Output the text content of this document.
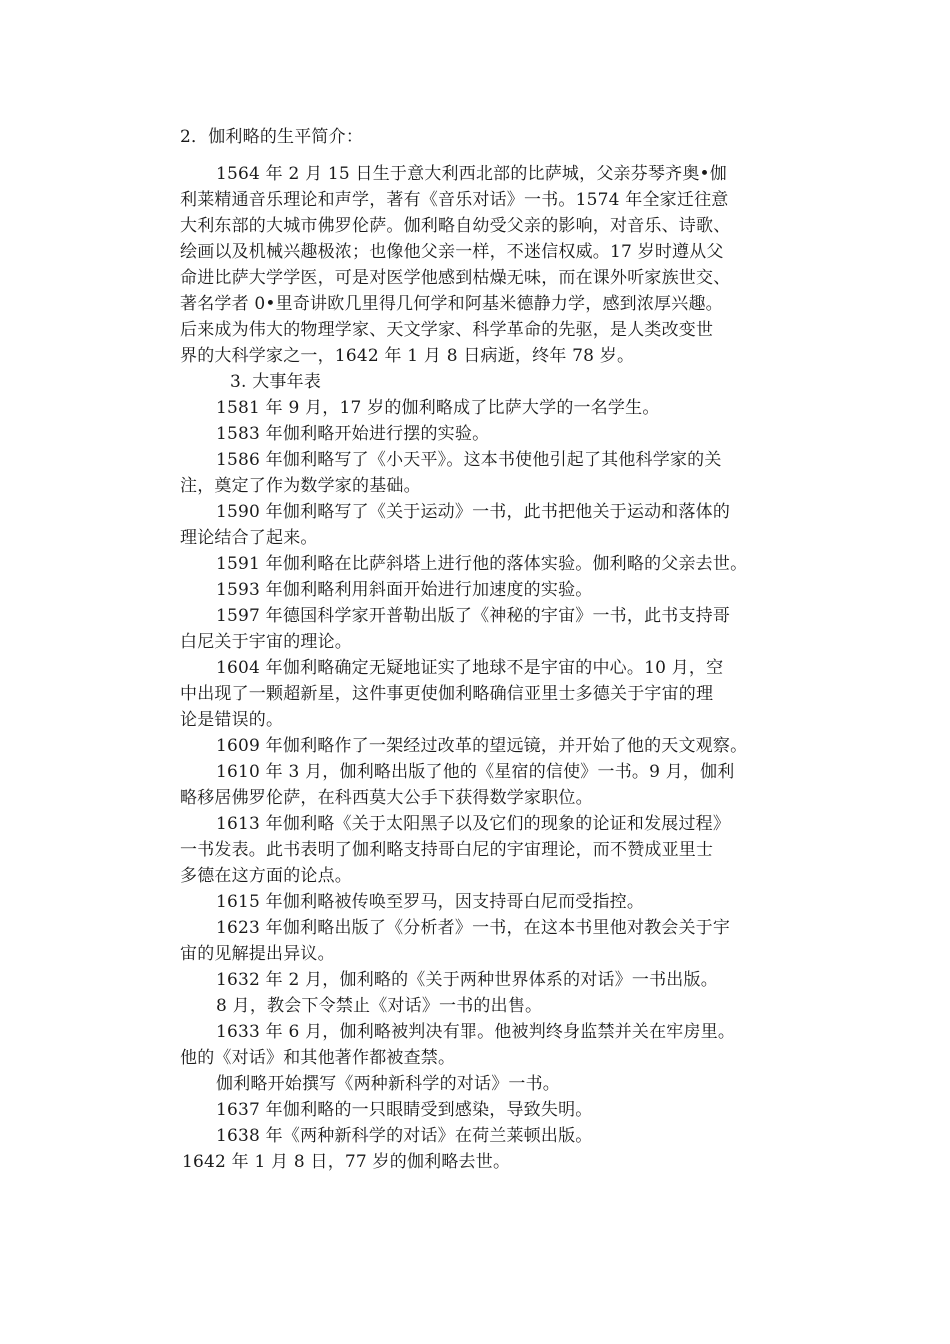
2．伽利略的生平简介：
1564 年 2 月 15 日生于意大利西北部的比萨城，父亲芬琴齐奥•伽
利莱精通音乐理论和声学，著有《音乐对话》一书。1574 年全家迁往意
大利东部的大城市佛罗伦萨。伽利略自幼受父亲的影响，对音乐、诗歌、
绘画以及机械兴趣极浓；也像他父亲一样，不迷信权威。17 岁时遵从父
命进比萨大学学医，可是对医学他感到枯燥无味，而在课外听家族世交、
著名学者 0•里奇讲欧几里得几何学和阿基米德静力学，感到浓厚兴趣。
后来成为伟大的物理学家、天文学家、科学革命的先驱，是人类改变世
界的大科学家之一，1642 年 1 月 8 日病逝，终年 78 岁。
3. 大事年表
1581 年 9 月，17 岁的伽利略成了比萨大学的一名学生。
1583 年伽利略开始进行摆的实验。
1586 年伽利略写了《小天平》。这本书使他引起了其他科学家的关
注，奠定了作为数学家的基础。
1590 年伽利略写了《关于运动》一书，此书把他关于运动和落体的
理论结合了起来。
1591 年伽利略在比萨斜塔上进行他的落体实验。伽利略的父亲去世。
1593 年伽利略利用斜面开始进行加速度的实验。
1597 年德国科学家开普勒出版了《神秘的宇宙》一书，此书支持哥
白尼关于宇宙的理论。
1604 年伽利略确定无疑地证实了地球不是宇宙的中心。10 月，空
中出现了一颗超新星，这件事更使伽利略确信亚里士多德关于宇宙的理
论是错误的。
1609 年伽利略作了一架经过改革的望远镜，并开始了他的天文观察。
1610 年 3 月，伽利略出版了他的《星宿的信使》一书。9 月，伽利
略移居佛罗伦萨，在科西莫大公手下获得数学家职位。
1613 年伽利略《关于太阳黑子以及它们的现象的论证和发展过程》
一书发表。此书表明了伽利略支持哥白尼的宇宙理论，而不赞成亚里士
多德在这方面的论点。
1615 年伽利略被传唤至罗马，因支持哥白尼而受指控。
1623 年伽利略出版了《分析者》一书，在这本书里他对教会关于宇
宙的见解提出异议。
1632 年 2 月，伽利略的《关于两种世界体系的对话》一书出版。
8 月，教会下令禁止《对话》一书的出售。
1633 年 6 月，伽利略被判决有罪。他被判终身监禁并关在牢房里。
他的《对话》和其他著作都被查禁。
伽利略开始撰写《两种新科学的对话》一书。
1637 年伽利略的一只眼睛受到感染，导致失明。
1638 年《两种新科学的对话》在荷兰莱顿出版。
1642 年 1 月 8 日，77 岁的伽利略去世。
